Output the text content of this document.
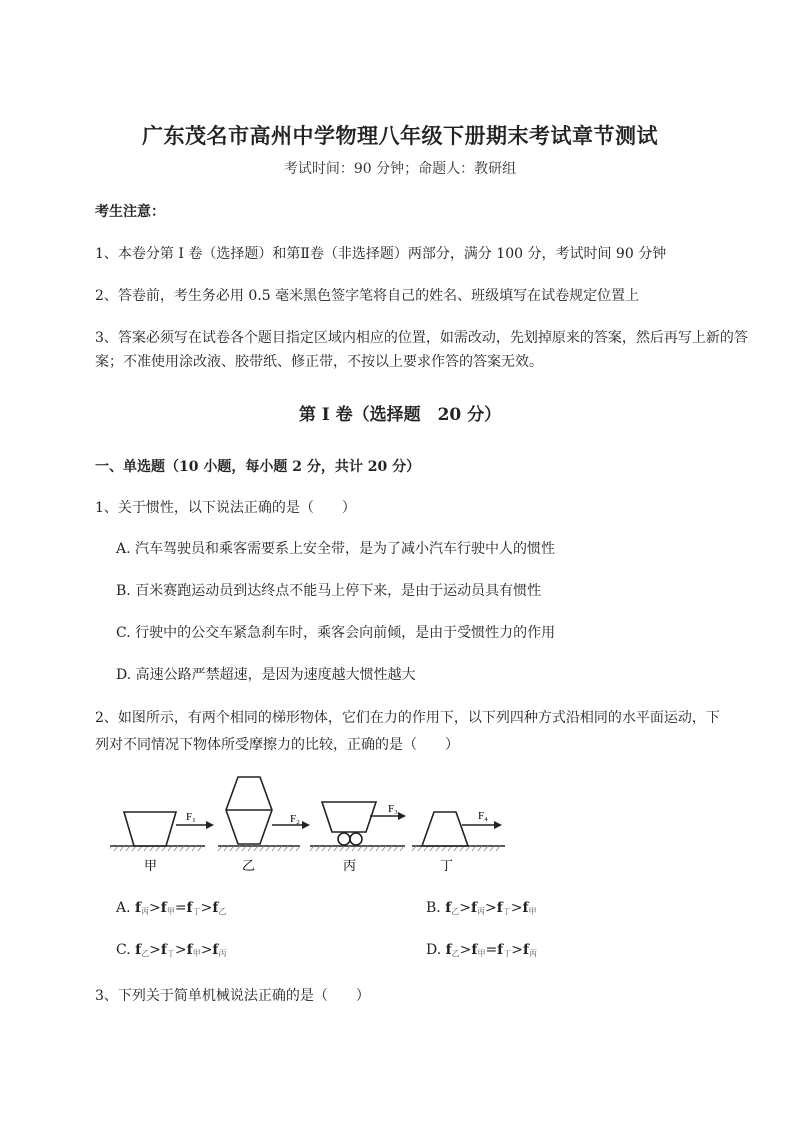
广东茂名市高州中学物理八年级下册期末考试章节测试
考试时间：90 分钟；命题人：教研组
考生注意：
1、本卷分第 I 卷（选择题）和第Ⅱ卷（非选择题）两部分，满分 100 分，考试时间 90 分钟
2、答卷前，考生务必用 0.5 毫米黑色签字笔将自己的姓名、班级填写在试卷规定位置上
3、答案必须写在试卷各个题目指定区域内相应的位置，如需改动，先划掉原来的答案，然后再写上新的答案；不准使用涂改液、胶带纸、修正带，不按以上要求作答的答案无效。
第 I 卷（选择题　20 分）
一、单选题（10 小题，每小题 2 分，共计 20 分）
1、关于惯性，以下说法正确的是（　　）
A. 汽车驾驶员和乘客需要系上安全带，是为了减小汽车行驶中人的惯性
B. 百米赛跑运动员到达终点不能马上停下来，是由于运动员具有惯性
C. 行驶中的公交车紧急刹车时，乘客会向前倾，是由于受惯性力的作用
D. 高速公路严禁超速，是因为速度越大惯性越大
2、如图所示，有两个相同的梯形物体，它们在力的作用下，以下列四种方式沿相同的水平面运动，下
列对不同情况下物体所受摩擦力的比较，正确的是（　　）
F₁	F₂
F₃
F₄
甲	乙	丙	丁
A. $f_丙>f_甲=f_丁>f_乙$	B. $f_乙>f_丙>f_丁>f_甲$
C. $f_乙>f_丁>f_甲>f_丙$	D. $f_乙>f_甲=f_丁>f_丙$
3、下列关于简单机械说法正确的是（　　）
